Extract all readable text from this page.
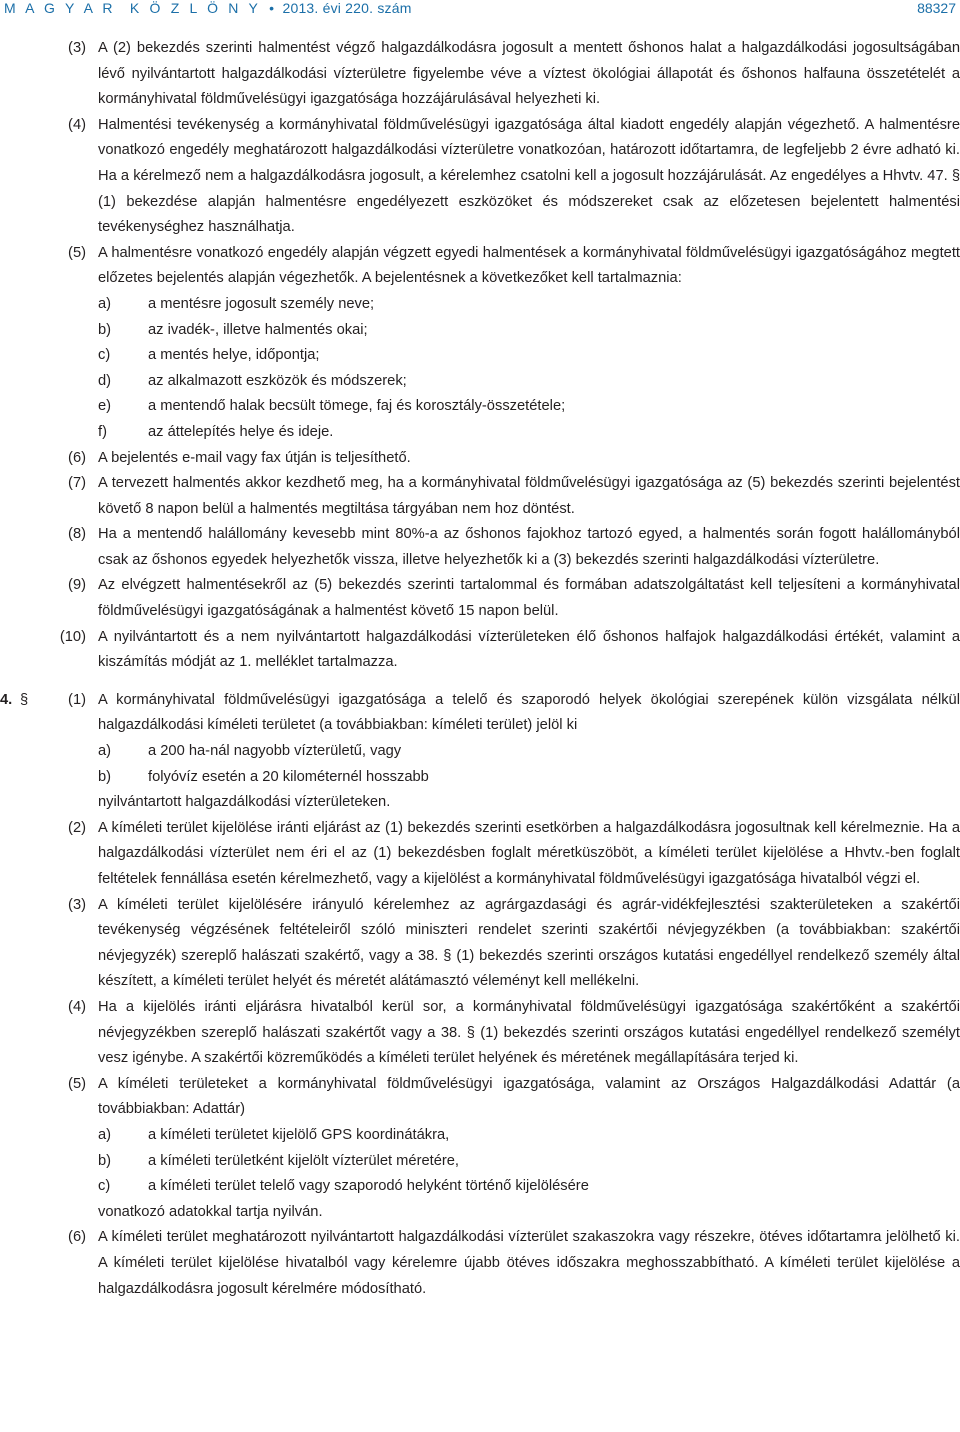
M A G Y A R  K Ö Z L Ö N Y • 2013. évi 220. szám	88327

(3) A (2) bekezdés szerinti halmentést végző halgazdálkodásra jogosult a mentett őshonos halat a halgazdálkodási jogosultságában lévő nyilvántartott halgazdálkodási vízterületre figyelembe véve a víztest ökológiai állapotát és őshonos halfauna összetételét a kormányhivatal földművelésügyi igazgatósága hozzájárulásával helyezheti ki.

(4) Halmentési tevékenység a kormányhivatal földművelésügyi igazgatósága által kiadott engedély alapján végezhető. A halmentésre vonatkozó engedély meghatározott halgazdálkodási vízterületre vonatkozóan, határozott időtartamra, de legfeljebb 2 évre adható ki. Ha a kérelmező nem a halgazdálkodásra jogosult, a kérelemhez csatolni kell a jogosult hozzájárulását. Az engedélyes a Hhvtv. 47. § (1) bekezdése alapján halmentésre engedélyezett eszközöket és módszereket csak az előzetesen bejelentett halmentési tevékenységhez használhatja.

(5) A halmentésre vonatkozó engedély alapján végzett egyedi halmentések a kormányhivatal földművelésügyi igazgatóságához megtett előzetes bejelentés alapján végezhetők. A bejelentésnek a következőket kell tartalmaznia:

a)	a mentésre jogosult személy neve;

b)	az ivadék-, illetve halmentés okai;

c)	a mentés helye, időpontja;

d)	az alkalmazott eszközök és módszerek;

e)	a mentendő halak becsült tömege, faj és korosztály-összetétele;

f)	az áttelepítés helye és ideje.

(6) A bejelentés e-mail vagy fax útján is teljesíthető.

(7) A tervezett halmentés akkor kezdhető meg, ha a kormányhivatal földművelésügyi igazgatósága az (5) bekezdés szerinti bejelentést követő 8 napon belül a halmentés megtiltása tárgyában nem hoz döntést.

(8) Ha a mentendő halállomány kevesebb mint 80%-a az őshonos fajokhoz tartozó egyed, a halmentés során fogott halállományból csak az őshonos egyedek helyezhetők vissza, illetve helyezhetők ki a (3) bekezdés szerinti halgazdálkodási vízterületre.

(9) Az elvégzett halmentésekről az (5) bekezdés szerinti tartalommal és formában adatszolgáltatást kell teljesíteni a kormányhivatal földművelésügyi igazgatóságának a halmentést követő 15 napon belül.

(10) A nyilvántartott és a nem nyilvántartott halgazdálkodási vízterületeken élő őshonos halfajok halgazdálkodási értékét, valamint a kiszámítás módját az 1. melléklet tartalmazza.

4. §	(1) A kormányhivatal földművelésügyi igazgatósága a telelő és szaporodó helyek ökológiai szerepének külön vizsgálata nélkül halgazdálkodási kíméleti területet (a továbbiakban: kíméleti terület) jelöl ki

a)	a 200 ha-nál nagyobb vízterületű, vagy

b)	folyóvíz esetén a 20 kilométernél hosszabb

nyilvántartott halgazdálkodási vízterületeken.

(2) A kíméleti terület kijelölése iránti eljárást az (1) bekezdés szerinti esetkörben a halgazdálkodásra jogosultnak kell kérelmeznie. Ha a halgazdálkodási vízterület nem éri el az (1) bekezdésben foglalt méretküszöböt, a kíméleti terület kijelölése a Hhvtv.-ben foglalt feltételek fennállása esetén kérelmezhető, vagy a kijelölést a kormányhivatal földművelésügyi igazgatósága hivatalból végzi el.

(3) A kíméleti terület kijelölésére irányuló kérelemhez az agrárgazdasági és agrár-vidékfejlesztési szakterületeken a szakértői tevékenység végzésének feltételeiről szóló miniszteri rendelet szerinti szakértői névjegyzékben (a továbbiakban: szakértői névjegyzék) szereplő halászati szakértő, vagy a 38. § (1) bekezdés szerinti országos kutatási engedéllyel rendelkező személy által készített, a kíméleti terület helyét és méretét alátámasztó véleményt kell mellékelni.

(4) Ha a kijelölés iránti eljárásra hivatalból kerül sor, a kormányhivatal földművelésügyi igazgatósága szakértőként a szakértői névjegyzékben szereplő halászati szakértőt vagy a 38. § (1) bekezdés szerinti országos kutatási engedéllyel rendelkező személyt vesz igénybe. A szakértői közreműködés a kíméleti terület helyének és méretének megállapítására terjed ki.

(5) A kíméleti területeket a kormányhivatal földművelésügyi igazgatósága, valamint az Országos Halgazdálkodási Adattár (a továbbiakban: Adattár)

a)	a kíméleti területet kijelölő GPS koordinátákra,

b)	a kíméleti területként kijelölt vízterület méretére,

c)	a kíméleti terület telelő vagy szaporodó helyként történő kijelölésére

vonatkozó adatokkal tartja nyilván.

(6) A kíméleti terület meghatározott nyilvántartott halgazdálkodási vízterület szakaszokra vagy részekre, ötéves időtartamra jelölhető ki. A kíméleti terület kijelölése hivatalból vagy kérelemre újabb ötéves időszakra meghosszabbítható. A kíméleti terület kijelölése a halgazdálkodásra jogosult kérelmére módosítható.
